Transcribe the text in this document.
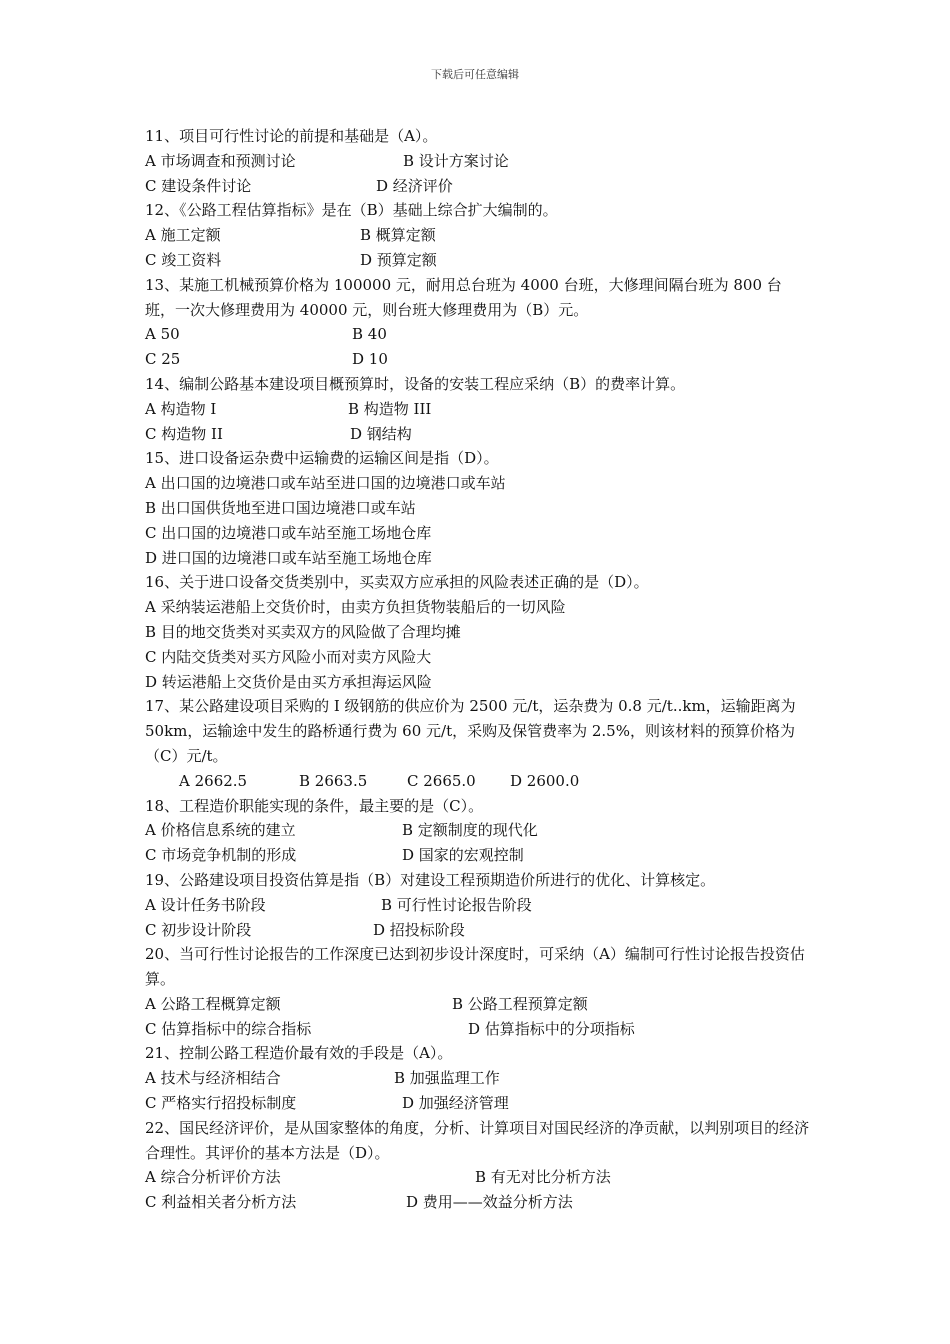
下载后可任意编辑
11、项目可行性讨论的前提和基础是（A）。
A 市场调查和预测讨论	B 设计方案讨论
C 建设条件讨论	D 经济评价
12、《公路工程估算指标》是在（B）基础上综合扩大编制的。
A 施工定额	B 概算定额
C 竣工资料	D 预算定额
13、某施工机械预算价格为 100000 元，耐用总台班为 4000 台班，大修理间隔台班为 800 台班，一次大修理费用为 40000 元，则台班大修理费用为（B）元。
A 50	B 40
C 25	D 10
14、编制公路基本建设项目概预算时，设备的安装工程应采纳（B）的费率计算。
A 构造物 I	B 构造物 III
C 构造物 II	D 钢结构
15、进口设备运杂费中运输费的运输区间是指（D）。
A 出口国的边境港口或车站至进口国的边境港口或车站
B 出口国供货地至进口国边境港口或车站
C 出口国的边境港口或车站至施工场地仓库
D 进口国的边境港口或车站至施工场地仓库
16、关于进口设备交货类别中，买卖双方应承担的风险表述正确的是（D）。
A 采纳装运港船上交货价时，由卖方负担货物装船后的一切风险
B 目的地交货类对买卖双方的风险做了合理均摊
C 内陆交货类对买方风险小而对卖方风险大
D 转运港船上交货价是由买方承担海运风险
17、某公路建设项目采购的 I 级钢筋的供应价为 2500 元/t，运杂费为 0.8 元/t..km，运输距离为 50km，运输途中发生的路桥通行费为 60 元/t，采购及保管费率为 2.5%，则该材料的预算价格为（C）元/t。
A 2662.5	B 2663.5	C 2665.0 D 2600.0
18、工程造价职能实现的条件，最主要的是（C）。
A 价格信息系统的建立	B 定额制度的现代化
C 市场竞争机制的形成	D 国家的宏观控制
19、公路建设项目投资估算是指（B）对建设工程预期造价所进行的优化、计算核定。
A 设计任务书阶段	B 可行性讨论报告阶段
C 初步设计阶段	D 招投标阶段
20、当可行性讨论报告的工作深度已达到初步设计深度时，可采纳（A）编制可行性讨论报告投资估算。
A 公路工程概算定额	B 公路工程预算定额
C 估算指标中的综合指标	D 估算指标中的分项指标
21、控制公路工程造价最有效的手段是（A）。
A 技术与经济相结合	B 加强监理工作
C 严格实行招投标制度	D 加强经济管理
22、国民经济评价，是从国家整体的角度，分析、计算项目对国民经济的净贡献，以判别项目的经济合理性。其评价的基本方法是（D）。
A 综合分析评价方法	B 有无对比分析方法
C 利益相关者分析方法	D 费用——效益分析方法
